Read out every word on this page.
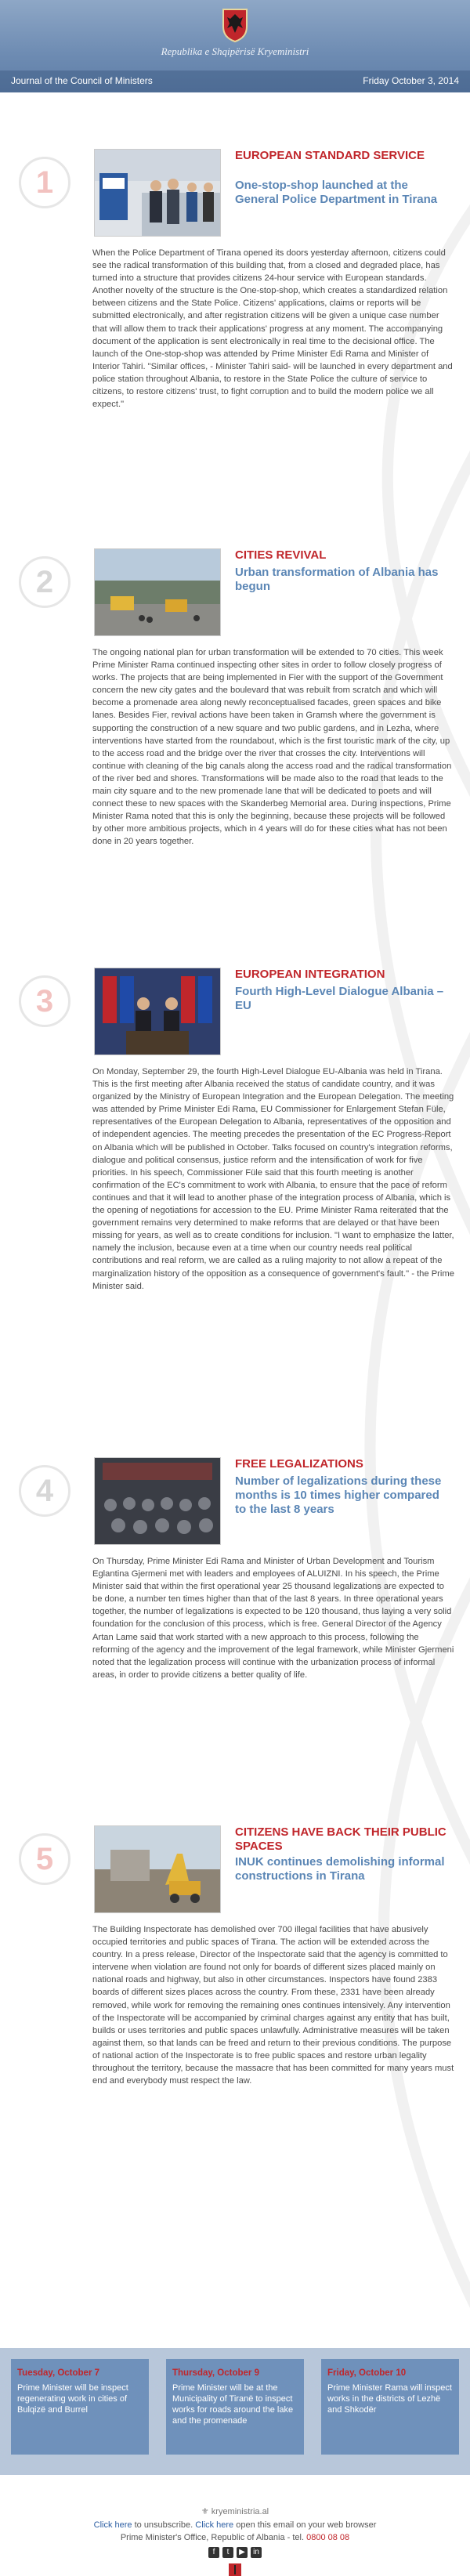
Republika e Shqipërisë Kryeministri
Journal of the Council of Ministers	Friday October 3, 2014
1
EUROPEAN STANDARD SERVICE
One-stop-shop launched at the General Police Department in Tirana
When the Police Department of Tirana opened its doors yesterday afternoon, citizens could see the radical transformation of this building that, from a closed and degraded place, has turned into a structure that provides citizens 24-hour service with European standards. Another novelty of the structure is the One-stop-shop, which creates a standardized relation between citizens and the State Police. Citizens' applications, claims or reports will be submitted electronically, and after registration citizens will be given a unique case number that will allow them to track their applications' progress at any moment. The accompanying document of the application is sent electronically in real time to the decisional office. The launch of the One-stop-shop was attended by Prime Minister Edi Rama and Minister of Interior Tahiri. "Similar offices, - Minister Tahiri said- will be launched in every department and police station throughout Albania, to restore in the State Police the culture of service to citizens, to restore citizens' trust, to fight corruption and to build the modern police we all expect."
2
CITIES REVIVAL
Urban transformation of Albania has begun
The ongoing national plan for urban transformation will be extended to 70 cities. This week Prime Minister Rama continued inspecting other sites in order to follow closely progress of works. The projects that are being implemented in Fier with the support of the Government concern the new city gates and the boulevard that was rebuilt from scratch and which will become a promenade area along newly reconceptualised facades, green spaces and bike lanes. Besides Fier, revival actions have been taken in Gramsh where the government is supporting the construction of a new square and two public gardens, and in Lezha, where interventions have started from the roundabout, which is the first touristic mark of the city, up to the access road and the bridge over the river that crosses the city. Interventions will continue with cleaning of the big canals along the access road and the radical transformation of the river bed and shores. Transformations will be made also to the road that leads to the main city square and to the new promenade lane that will be dedicated to poets and will connect these to new spaces with the Skanderbeg Memorial area. During inspections, Prime Minister Rama noted that this is only the beginning, because these projects will be followed by other more ambitious projects, which in 4 years will do for these cities what has not been done in 20 years together.
3
EUROPEAN INTEGRATION
Fourth High-Level Dialogue Albania – EU
On Monday, September 29, the fourth High-Level Dialogue EU-Albania was held in Tirana. This is the first meeting after Albania received the status of candidate country, and it was organized by the Ministry of European Integration and the European Delegation. The meeting was attended by Prime Minister Edi Rama, EU Commissioner for Enlargement Stefan Füle, representatives of the European Delegation to Albania, representatives of the opposition and of independent agencies. The meeting precedes the presentation of the EC Progress-Report on Albania which will be published in October. Talks focused on country's integration reforms, dialogue and political consensus, justice reform and the intensification of work for five priorities. In his speech, Commissioner Füle said that this fourth meeting is another confirmation of the EC's commitment to work with Albania, to ensure that the pace of reform continues and that it will lead to another phase of the integration process of Albania, which is the opening of negotiations for accession to the EU. Prime Minister Rama reiterated that the government remains very determined to make reforms that are delayed or that have been missing for years, as well as to create conditions for inclusion. "I want to emphasize the latter, namely the inclusion, because even at a time when our country needs real political contributions and real reform, we are called as a ruling majority to not allow a repeat of the marginalization history of the opposition as a consequence of government's fault." - the Prime Minister said.
4
FREE LEGALIZATIONS
Number of legalizations during these months is 10 times higher compared to the last 8 years
On Thursday, Prime Minister Edi Rama and Minister of Urban Development and Tourism Eglantina Gjermeni met with leaders and employees of ALUIZNI. In his speech, the Prime Minister said that within the first operational year 25 thousand legalizations are expected to be done, a number ten times higher than that of the last 8 years. In three operational years together, the number of legalizations is expected to be 120 thousand, thus laying a very solid foundation for the conclusion of this process, which is free. General Director of the Agency Artan Lame said that work started with a new approach to this process, following the reforming of the agency and the improvement of the legal framework, while Minister Gjermeni noted that the legalization process will continue with the urbanization process of informal areas, in order to provide citizens a better quality of life.
5
CITIZENS HAVE BACK THEIR PUBLIC SPACES
INUK continues demolishing informal constructions in Tirana
The Building Inspectorate has demolished over 700 illegal facilities that have abusively occupied territories and public spaces of Tirana. The action will be extended across the country. In a press release, Director of the Inspectorate said that the agency is committed to intervene when violation are found not only for boards of different sizes placed mainly on national roads and highway, but also in other circumstances. Inspectors have found 2383 boards of different sizes places across the country. From these, 2331 have been already removed, while work for removing the remaining ones continues intensively. Any intervention of the Inspectorate will be accompanied by criminal charges against any entity that has built, builds or uses territories and public spaces unlawfully. Administrative measures will be taken against them, so that lands can be freed and return to their previous conditions. The purpose of national action of the Inspectorate is to free public spaces and restore urban legality throughout the territory, because the massacre that has been committed for many years must end and everybody must respect the law.
Tuesday, October 7
Prime Minister will be inspect regenerating work in cities of Bulqizë and Burrel
Thursday, October 9
Prime Minister will be at the Municipality of Tiranë to inspect works for roads around the lake and the promenade
Friday, October 10
Prime Minister Rama will inspect works in the districts of Lezhë and Shkodër
⚜ kryeministria.al
Click here to unsubscribe. Click here open this email on your web browser
Prime Minister's Office, Republic of Albania - tel. 0800 08 08
f	t	▶	in
